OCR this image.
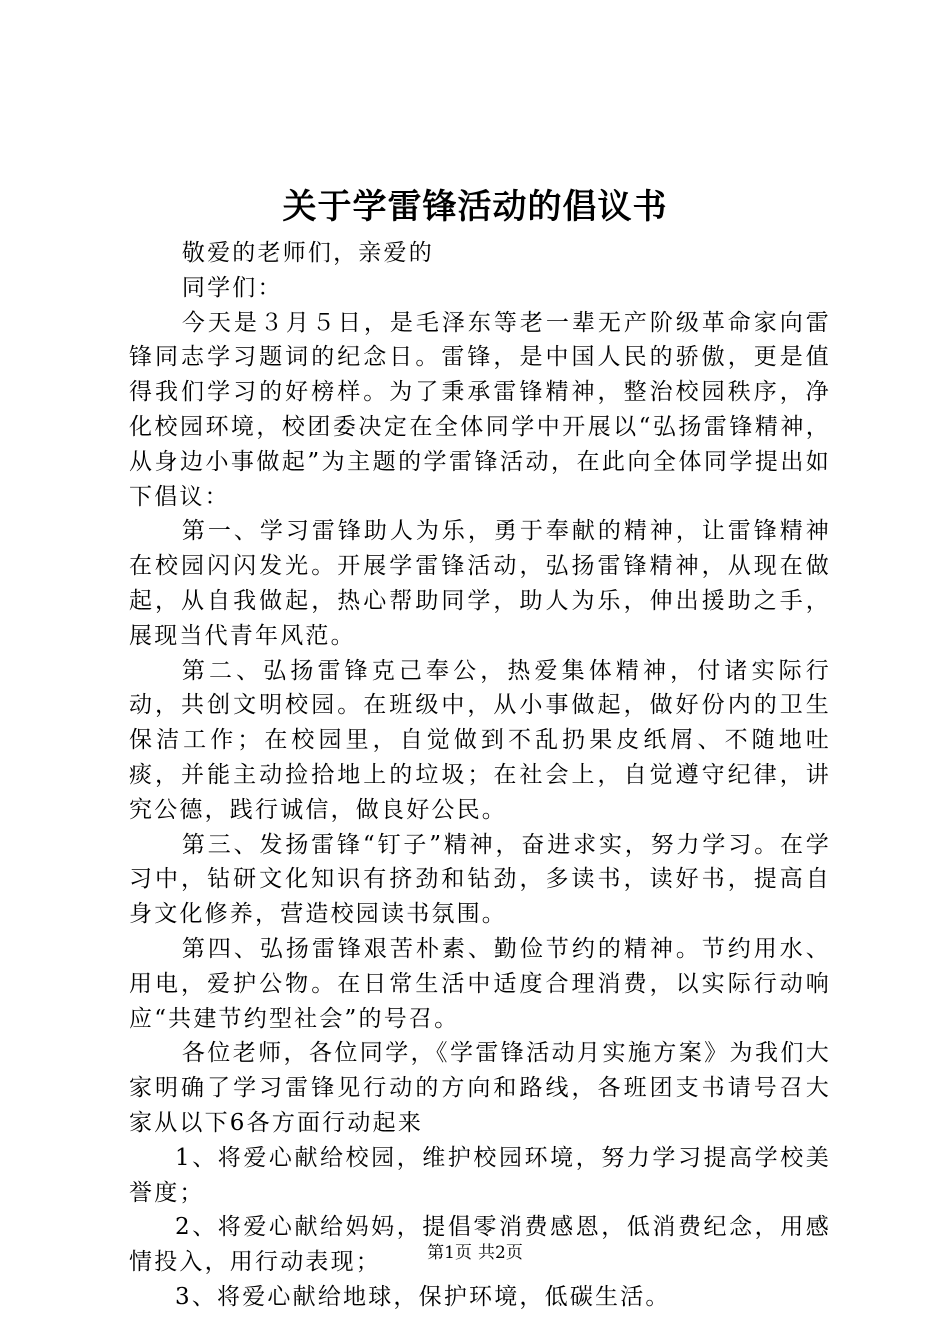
关于学雷锋活动的倡议书

敬爱的老师们，亲爱的

同学们：

今天是３月５日，是毛泽东等老一辈无产阶级革命家向雷锋同志学习题词的纪念日。雷锋，是中国人民的骄傲，更是值得我们学习的好榜样。为了秉承雷锋精神，整治校园秩序，净化校园环境，校团委决定在全体同学中开展以“弘扬雷锋精神，从身边小事做起”为主题的学雷锋活动，在此向全体同学提出如下倡议：

第一、学习雷锋助人为乐，勇于奉献的精神，让雷锋精神在校园闪闪发光。开展学雷锋活动，弘扬雷锋精神，从现在做起，从自我做起，热心帮助同学，助人为乐，伸出援助之手，展现当代青年风范。

第二、弘扬雷锋克己奉公，热爱集体精神，付诸实际行动，共创文明校园。在班级中，从小事做起，做好份内的卫生保洁工作；在校园里，自觉做到不乱扔果皮纸屑、不随地吐痰，并能主动捡拾地上的垃圾；在社会上，自觉遵守纪律，讲究公德，践行诚信，做良好公民。

第三、发扬雷锋“钉子”精神，奋进求实，努力学习。在学习中，钻研文化知识有挤劲和钻劲，多读书，读好书，提高自身文化修养，营造校园读书氛围。

第四、弘扬雷锋艰苦朴素、勤俭节约的精神。节约用水、用电，爱护公物。在日常生活中适度合理消费，以实际行动响应“共建节约型社会”的号召。

各位老师，各位同学，《学雷锋活动月实施方案》为我们大家明确了学习雷锋见行动的方向和路线，各班团支书请号召大家从以下6各方面行动起来

1、将爱心献给校园，维护校园环境，努力学习提高学校美誉度；

2、将爱心献给妈妈，提倡零消费感恩，低消费纪念，用感情投入，用行动表现；

3、将爱心献给地球，保护环境，低碳生活。

第1页 共2页
